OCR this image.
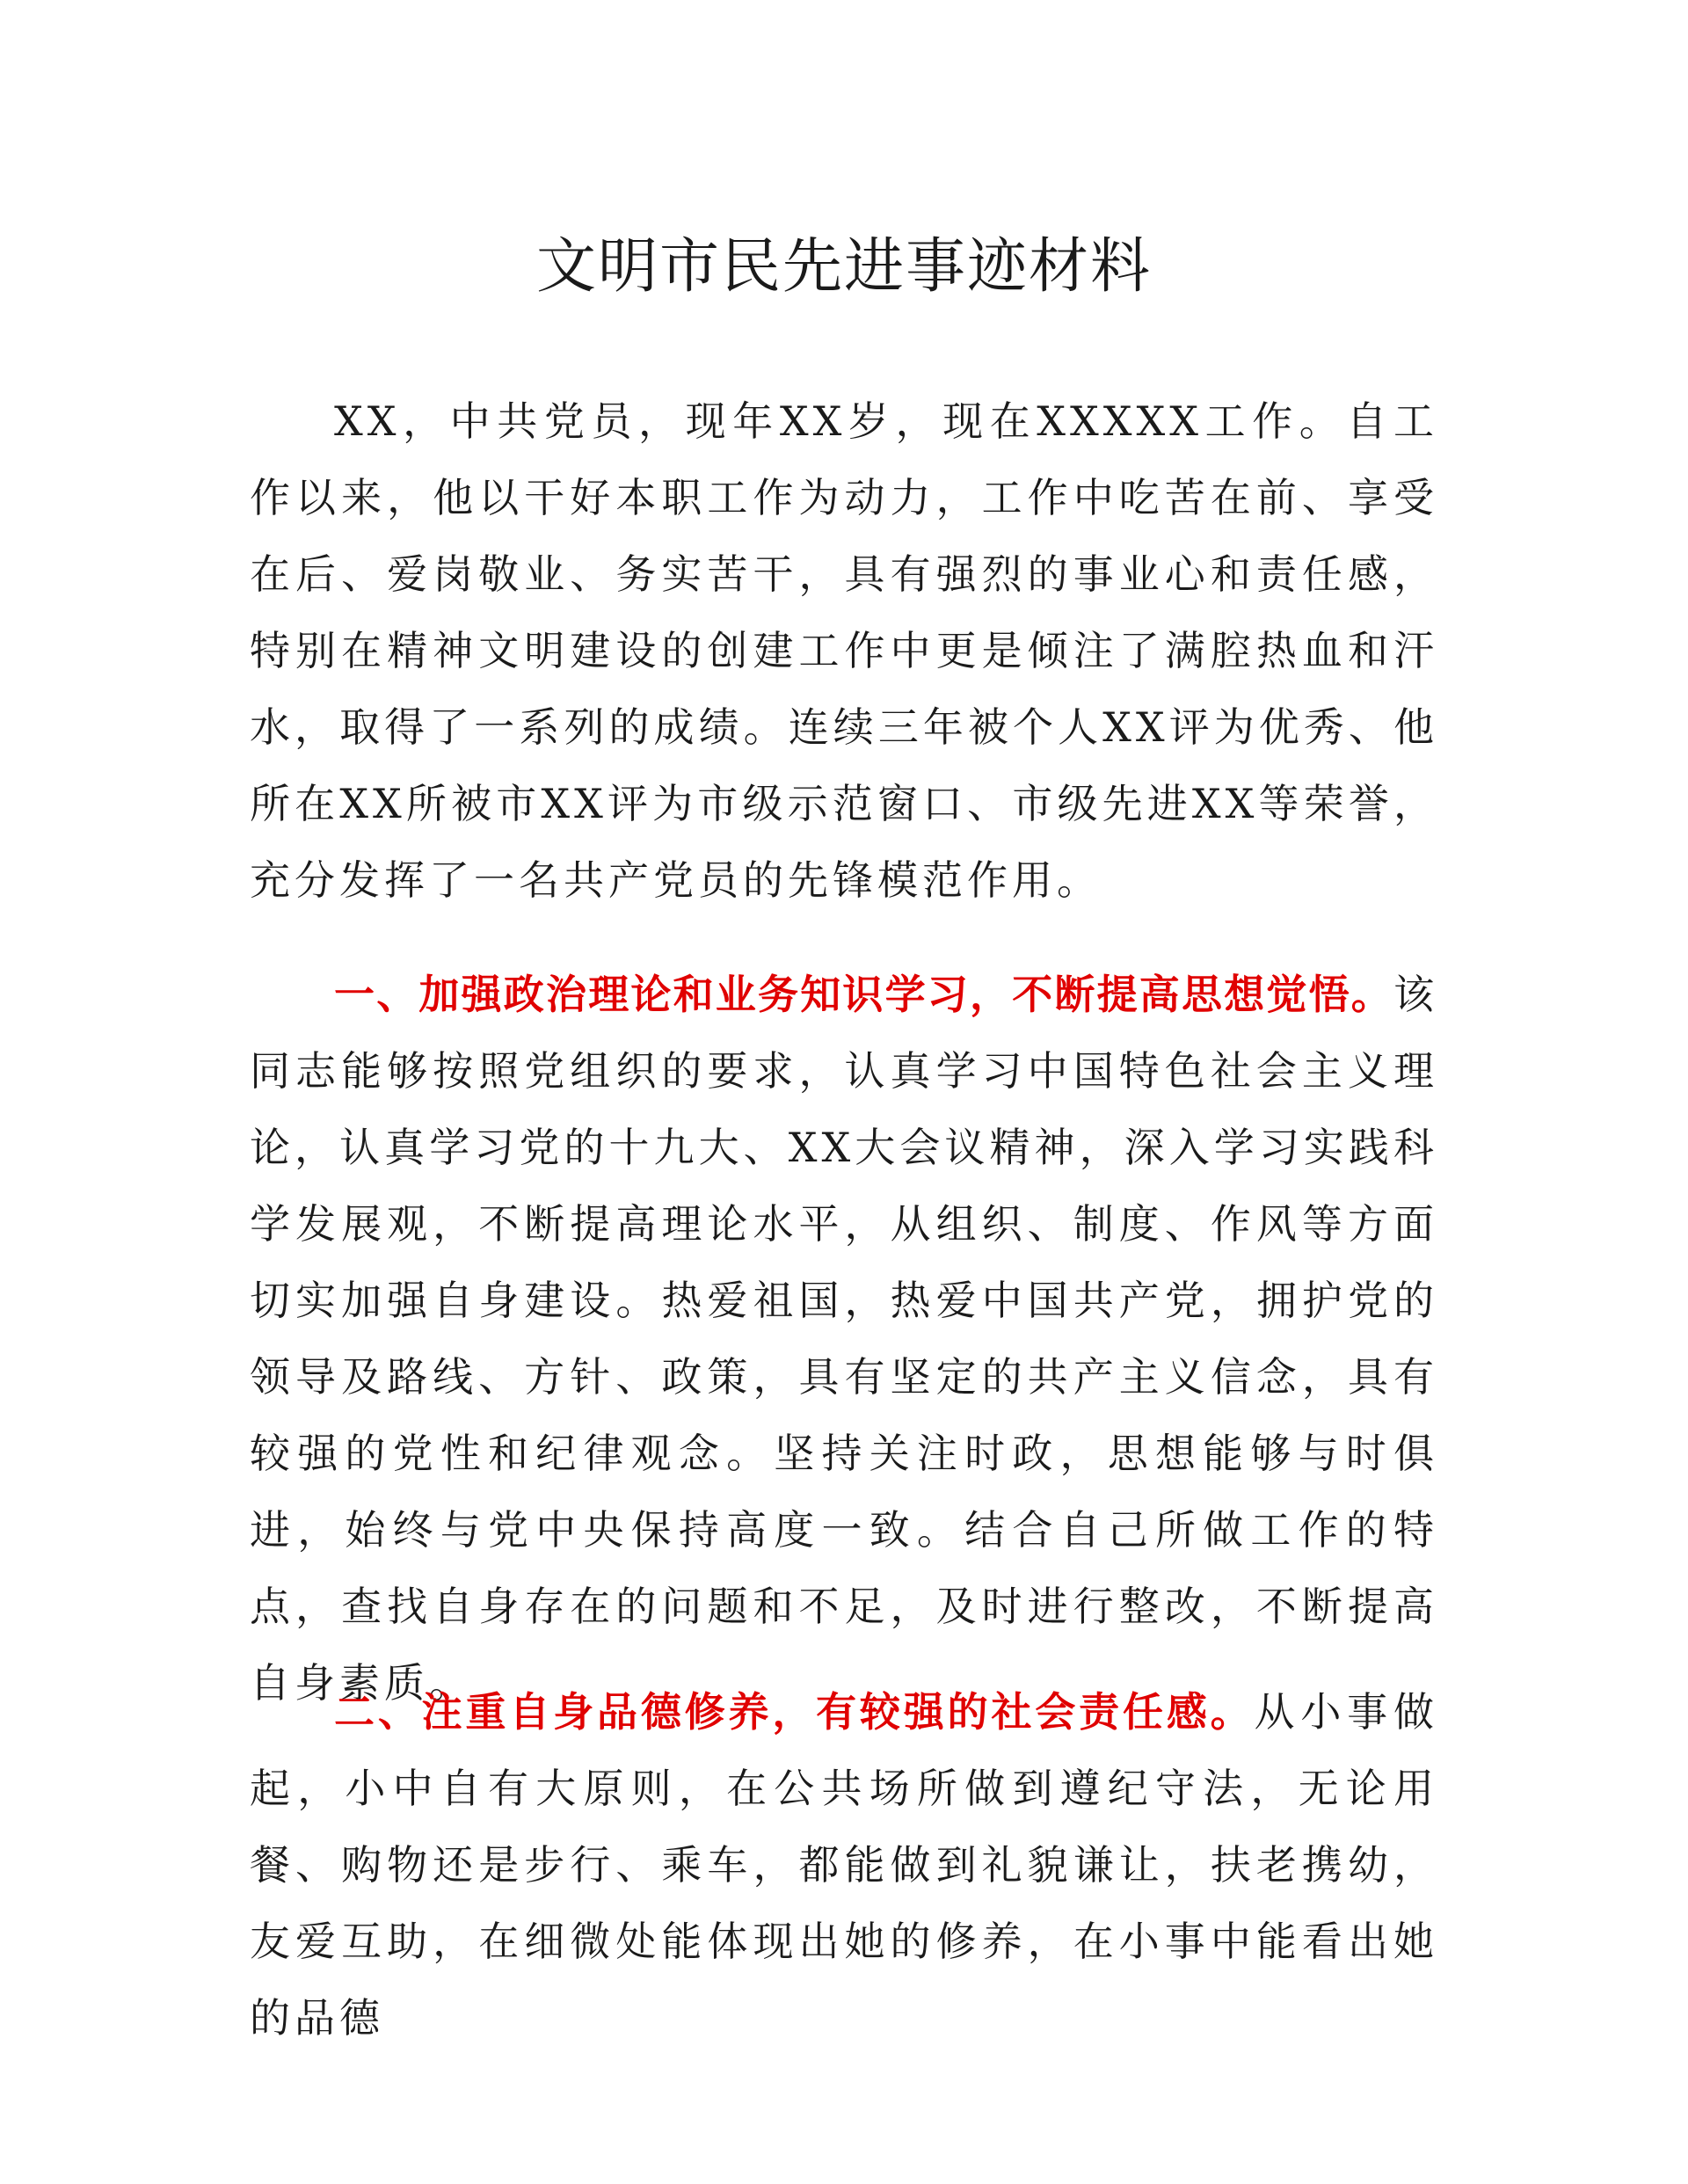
文明市民先进事迹材料

XX，中共党员，现年XX岁，现在XXXXX工作。自工作以来，他以干好本职工作为动力，工作中吃苦在前、享受在后、爱岗敬业、务实苦干，具有强烈的事业心和责任感，特别在精神文明建设的创建工作中更是倾注了满腔热血和汗水，取得了一系列的成绩。连续三年被个人XX评为优秀、他所在XX所被市XX评为市级示范窗口、市级先进XX等荣誉，充分发挥了一名共产党员的先锋模范作用。

一、加强政治理论和业务知识学习，不断提高思想觉悟。该同志能够按照党组织的要求，认真学习中国特色社会主义理论，认真学习党的十九大、XX大会议精神，深入学习实践科学发展观，不断提高理论水平，从组织、制度、作风等方面切实加强自身建设。热爱祖国，热爱中国共产党，拥护党的领导及路线、方针、政策，具有坚定的共产主义信念，具有较强的党性和纪律观念。坚持关注时政，思想能够与时俱进，始终与党中央保持高度一致。结合自己所做工作的特点，查找自身存在的问题和不足，及时进行整改，不断提高自身素质。

二、注重自身品德修养，有较强的社会责任感。从小事做起，小中自有大原则，在公共场所做到遵纪守法，无论用餐、购物还是步行、乘车，都能做到礼貌谦让，扶老携幼，友爱互助，在细微处能体现出她的修养，在小事中能看出她的品德
